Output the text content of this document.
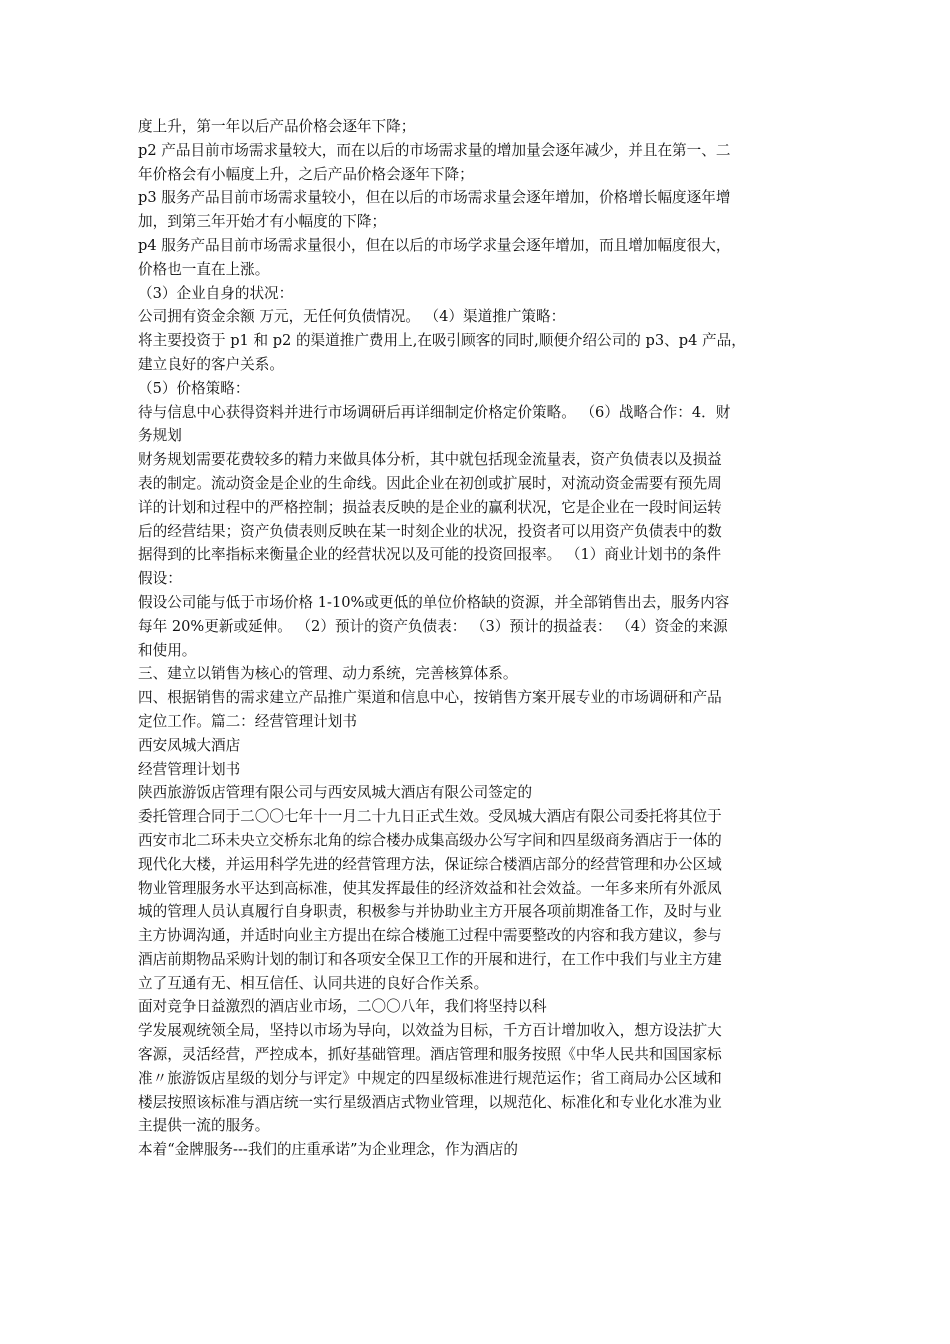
度上升，第一年以后产品价格会逐年下降；
p2 产品目前市场需求量较大，而在以后的市场需求量的增加量会逐年减少，并且在第一、二
年价格会有小幅度上升，之后产品价格会逐年下降；
p3 服务产品目前市场需求量较小，但在以后的市场需求量会逐年增加，价格增长幅度逐年增
加，到第三年开始才有小幅度的下降；
p4 服务产品目前市场需求量很小，但在以后的市场学求量会逐年增加，而且增加幅度很大，
价格也一直在上涨。
（3）企业自身的状况：
公司拥有资金余额 万元，无任何负债情况。 （4）渠道推广策略：
将主要投资于 p1 和 p2 的渠道推广费用上,在吸引顾客的同时,顺便介绍公司的 p3、p4 产品，
建立良好的客户关系。
（5）价格策略：
待与信息中心获得资料并进行市场调研后再详细制定价格定价策略。 （6）战略合作：4．财
务规划
财务规划需要花费较多的精力来做具体分析，其中就包括现金流量表，资产负债表以及损益
表的制定。流动资金是企业的生命线。因此企业在初创或扩展时，对流动资金需要有预先周
详的计划和过程中的严格控制；损益表反映的是企业的赢利状况，它是企业在一段时间运转
后的经营结果；资产负债表则反映在某一时刻企业的状况，投资者可以用资产负债表中的数
据得到的比率指标来衡量企业的经营状况以及可能的投资回报率。 （1）商业计划书的条件
假设：
假设公司能与低于市场价格 1-10%或更低的单位价格缺的资源，并全部销售出去，服务内容
每年 20%更新或延伸。 （2）预计的资产负债表： （3）预计的损益表： （4）资金的来源
和使用。
三、建立以销售为核心的管理、动力系统，完善核算体系。
四、根据销售的需求建立产品推广渠道和信息中心，按销售方案开展专业的市场调研和产品
定位工作。篇二：经营管理计划书
西安凤城大酒店
经营管理计划书
陕西旅游饭店管理有限公司与西安凤城大酒店有限公司签定的
委托管理合同于二〇〇七年十一月二十九日正式生效。受凤城大酒店有限公司委托将其位于
西安市北二环未央立交桥东北角的综合楼办成集高级办公写字间和四星级商务酒店于一体的
现代化大楼，并运用科学先进的经营管理方法，保证综合楼酒店部分的经营管理和办公区域
物业管理服务水平达到高标准，使其发挥最佳的经济效益和社会效益。一年多来所有外派凤
城的管理人员认真履行自身职责，积极参与并协助业主方开展各项前期准备工作，及时与业
主方协调沟通，并适时向业主方提出在综合楼施工过程中需要整改的内容和我方建议，参与
酒店前期物品采购计划的制订和各项安全保卫工作的开展和进行，在工作中我们与业主方建
立了互通有无、相互信任、认同共进的良好合作关系。
面对竞争日益激烈的酒店业市场，二〇〇八年，我们将坚持以科
学发展观统领全局，坚持以市场为导向，以效益为目标，千方百计增加收入，想方设法扩大
客源，灵活经营，严控成本，抓好基础管理。酒店管理和服务按照《中华人民共和国国家标
准〃旅游饭店星级的划分与评定》中规定的四星级标准进行规范运作；省工商局办公区域和
楼层按照该标准与酒店统一实行星级酒店式物业管理，以规范化、标准化和专业化水准为业
主提供一流的服务。
本着“金牌服务---我们的庄重承诺”为企业理念，作为酒店的
